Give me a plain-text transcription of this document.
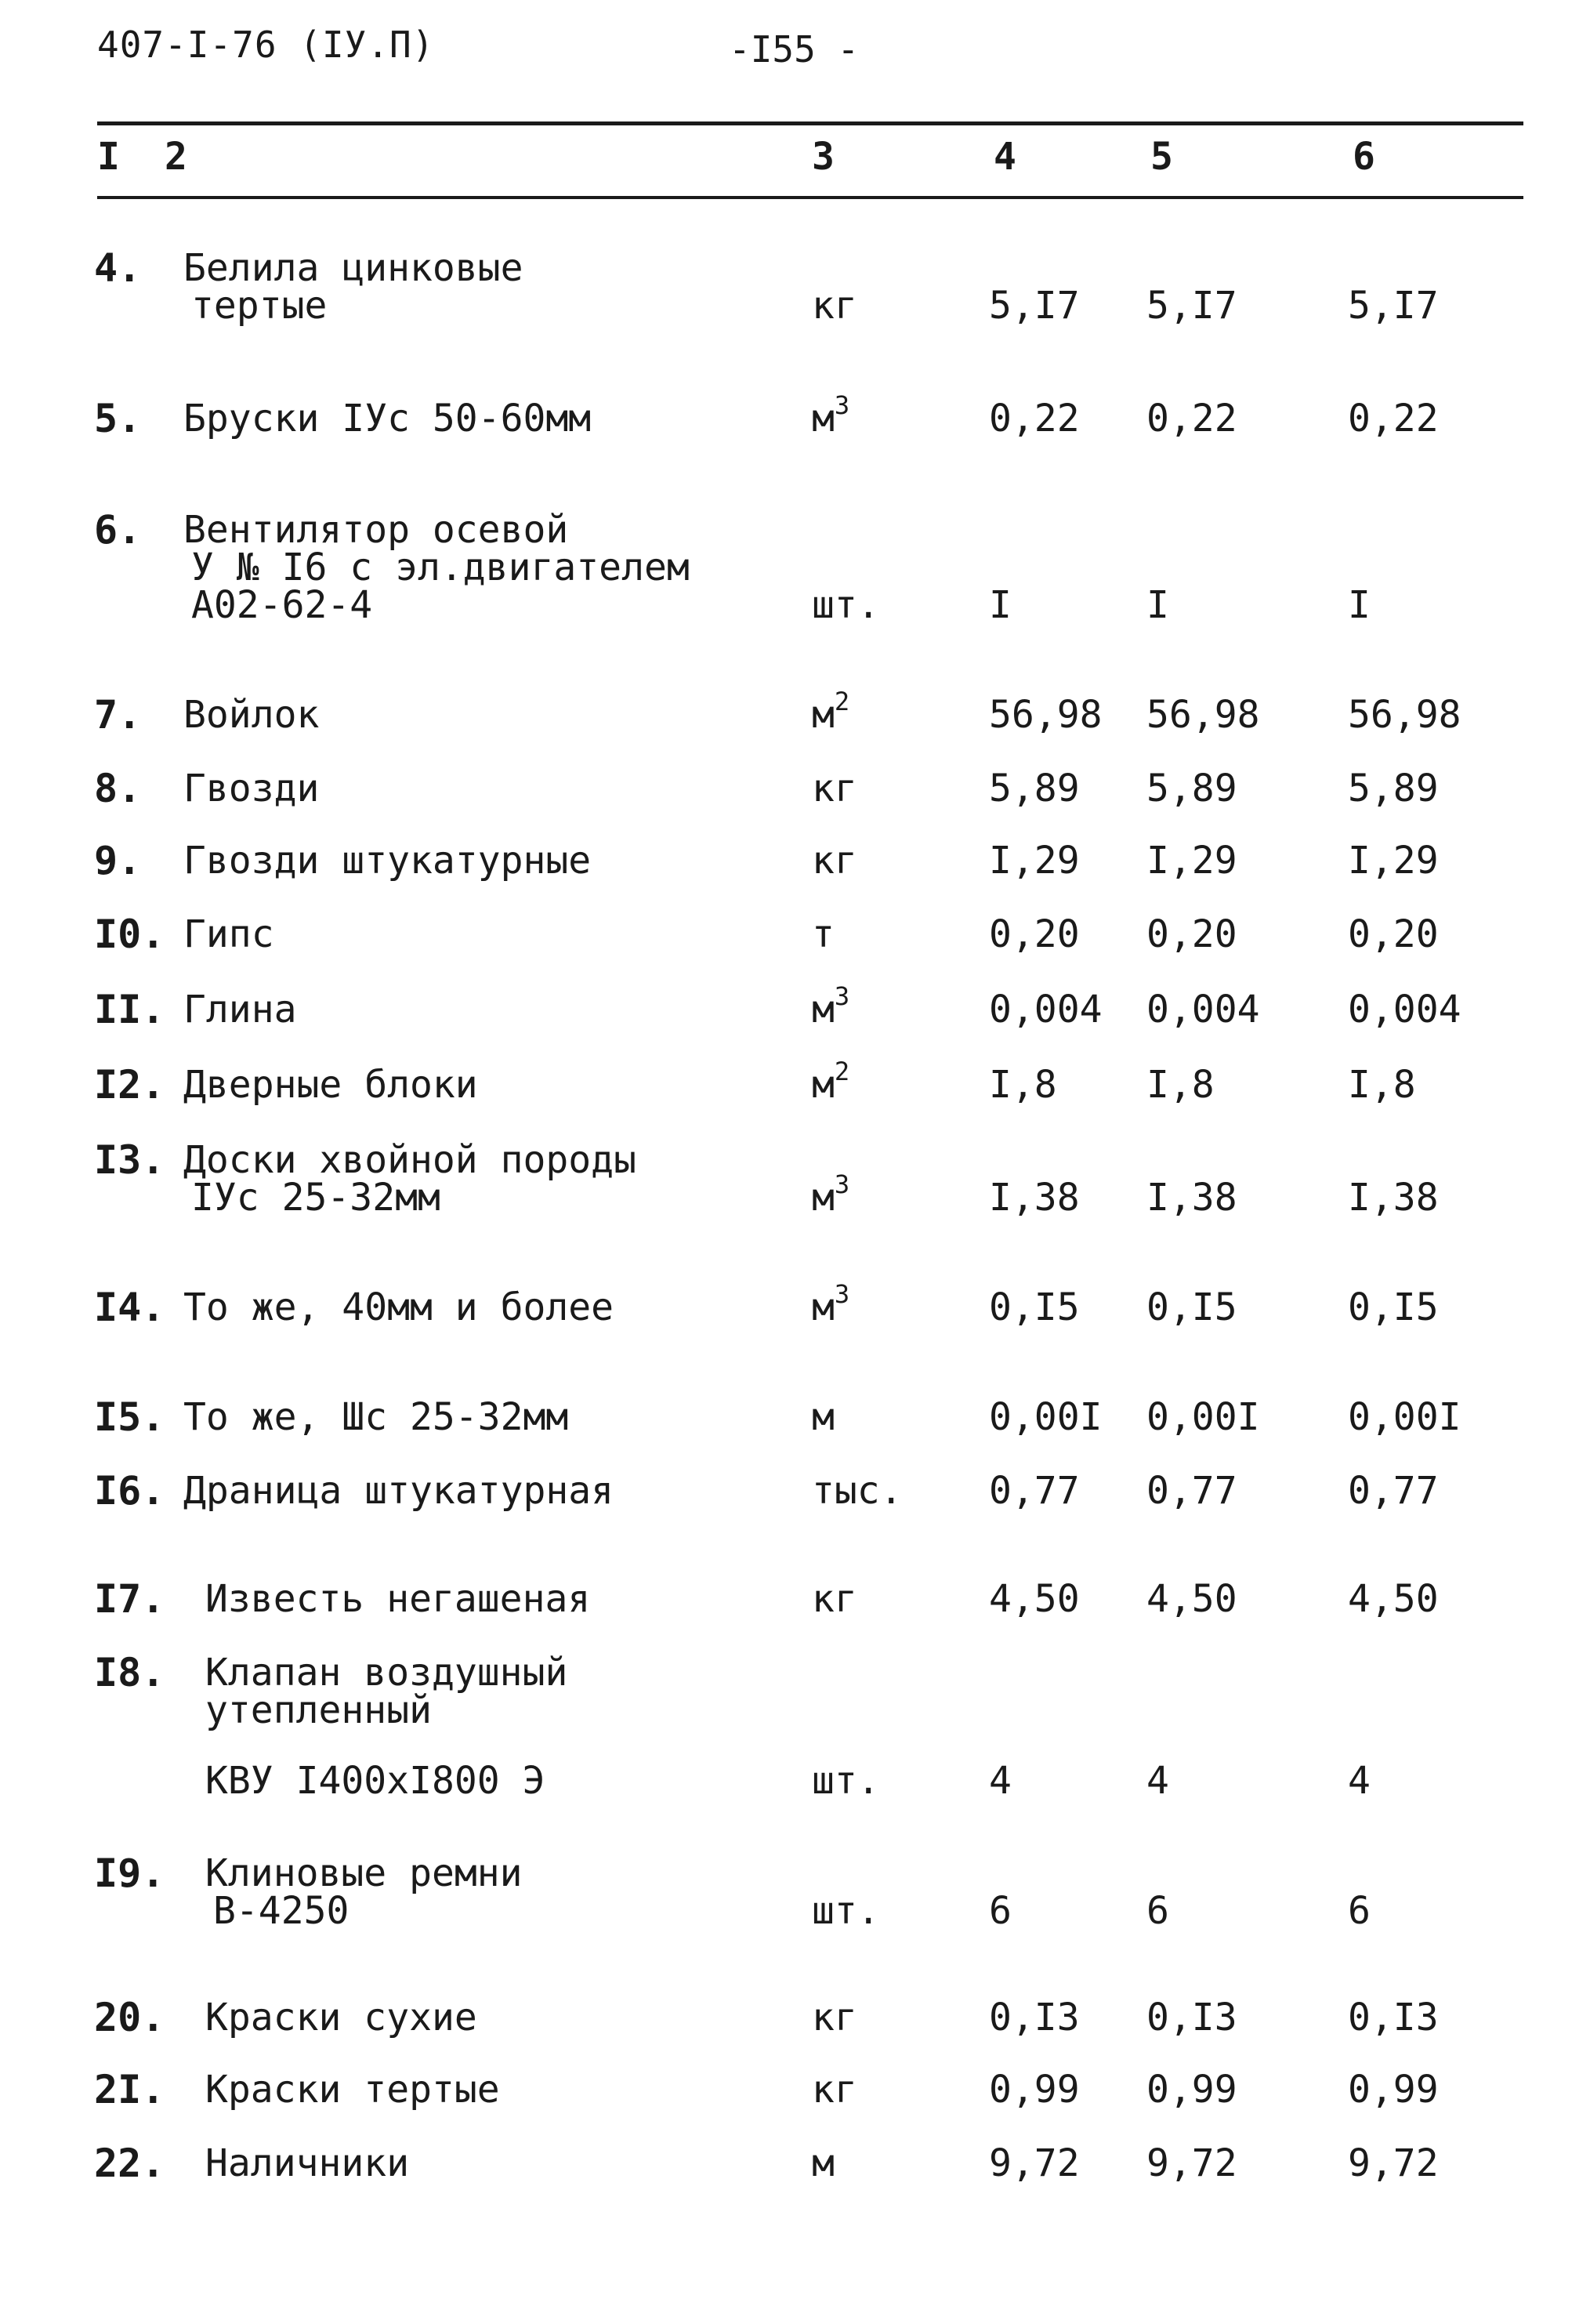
407-I-76 (IУ.П)	-I55 -
I 2	3	4	5	6
4. Белила цинковые
тертые	кг	5,I7 5,I7	5,I7
5. Бруски IУс 50-60мм	$м^3$	0,22 0,22	0,22
6. Вентилятор осевой
У № I6 с эл.двигателем
А02-62-4	шт.	I	I	I
7. Войлок	$м^2$	56,98 56,98 56,98
8. Гвозди	кг	5,89 5,89	5,89
9. Гвозди штукатурные	кг	I,29 I,29	I,29
I0. Гипс	т	0,20 0,20	0,20
II. Глина	$м^3$	0,004 0,004 0,004
I2. Дверные блоки	$м^2$	I,8 I,8	I,8
I3. Доски хвойной породы
IУс 25-32мм	$м^3$	I,38 I,38	I,38
I4. То же, 40мм и более	$м^3$	0,I5 0,I5	0,I5
I5. То же, Шс 25-32мм	м	0,00I 0,00I 0,00I
I6. Драница штукатурная	тыс. 0,77 0,77	0,77
I7. Известь негашеная	кг	4,50 4,50	4,50
I8. Клапан воздушный
утепленный

КВУ I400хI800 Э	шт.	4	4	4
I9. Клиновые ремни
В-4250	шт.	6	6	6
20. Краски сухие	кг	0,I3 0,I3	0,I3
2I. Краски тертые	кг	0,99 0,99	0,99
22. Наличники	м	9,72 9,72	9,72
